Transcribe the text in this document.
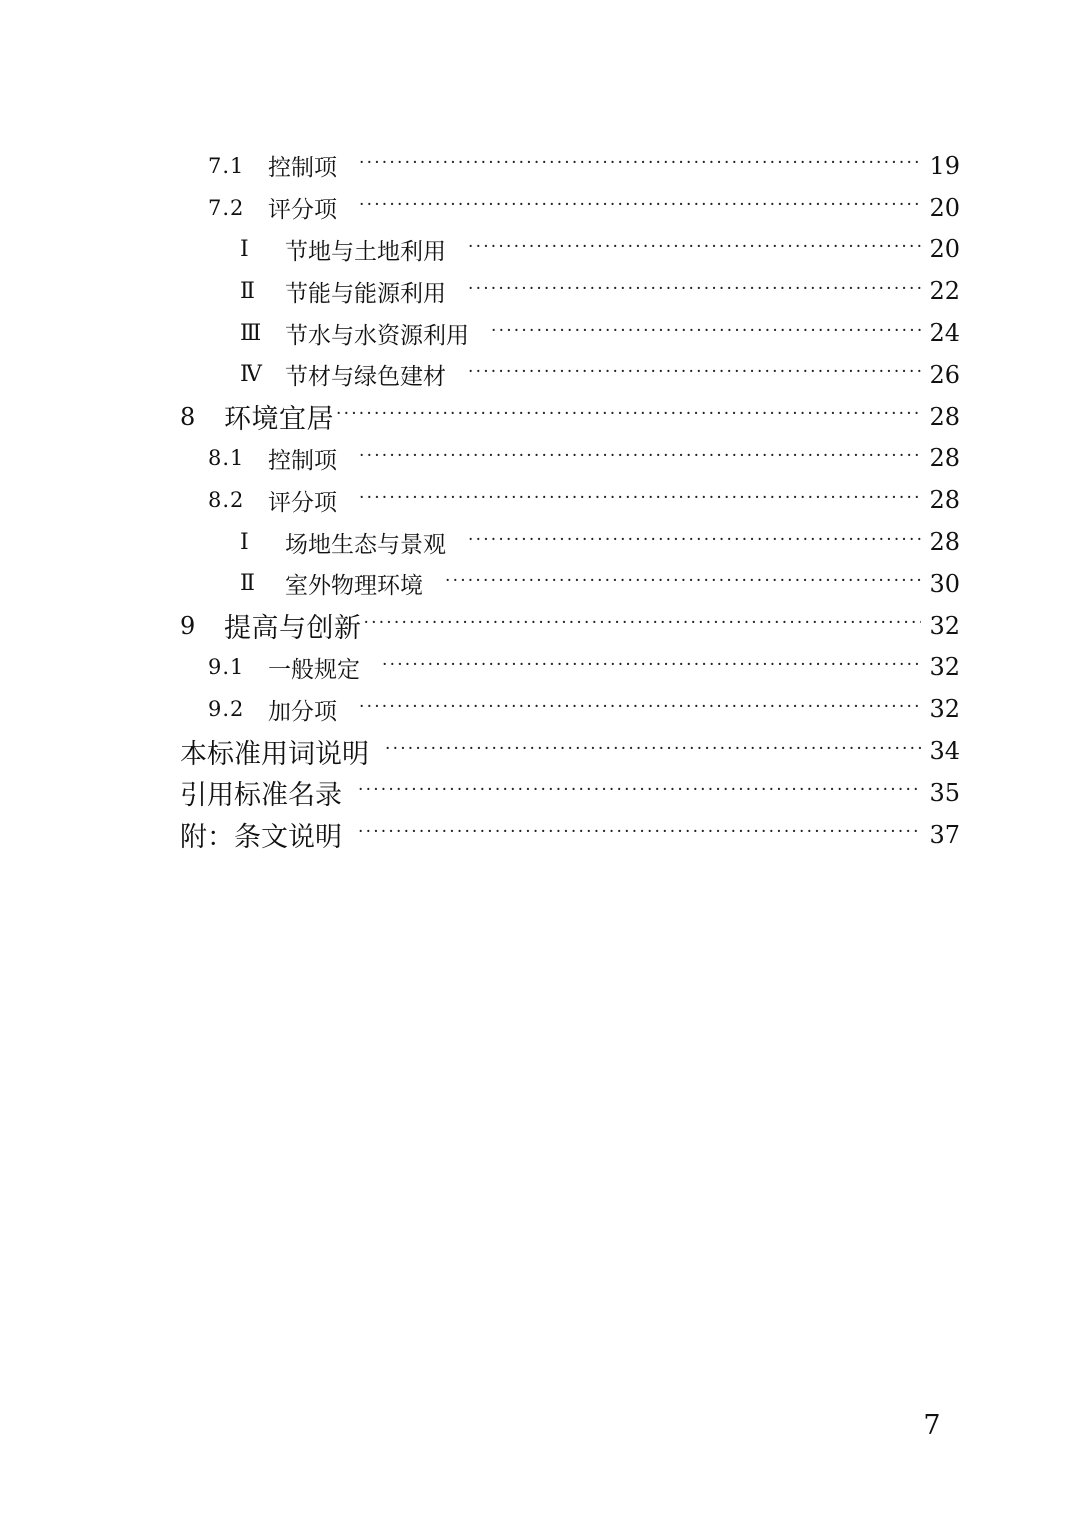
7.1	控制项 ·····	19
7.2	评分项 ·····	20
Ⅰ	节地与土地利用 ·····	20
Ⅱ	节能与能源利用 ·····	22
Ⅲ	节水与水资源利用 ·····	24
Ⅳ	节材与绿色建材 ·····	26
8	环境宜居 ·····	28
8.1	控制项 ·····	28
8.2	评分项 ·····	28
Ⅰ	场地生态与景观 ·····	28
Ⅱ	室外物理环境 ·····	30
9	提高与创新 ·····	32
9.1	一般规定 ·····	32
9.2	加分项 ·····	32
本标准用词说明 ·····	34
引用标准名录 ·····	35
附：条文说明 ·····	37
7
